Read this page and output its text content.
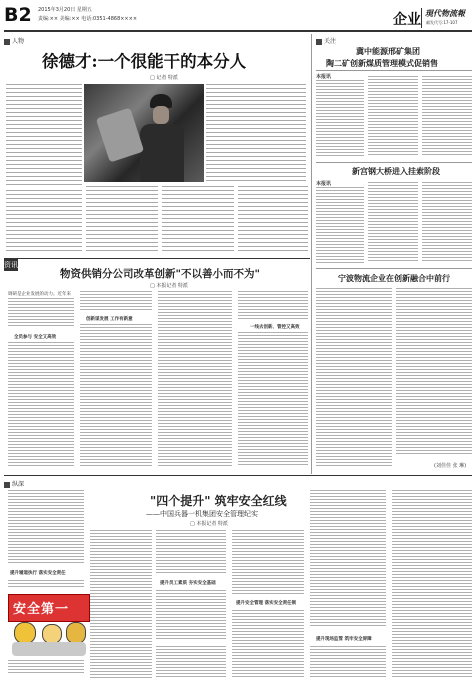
B2 2015年3月20日 星期五
责编:×× 美编:×× 电话:0351-4868××××	企业 現代物流報
邮发代号:17-107
人物
徐德才:一个很能干的本分人
□ 记者 特派
关注
冀中能源邢矿集团
陶二矿创新煤质管理模式促销售
本报讯
新宫钢大桥进入挂索阶段
本报讯
宁波物流企业在创新融合中前行
(刘佳佳 张 琳)
资讯
物资供销分公司改革创新"不以善小而不为"
□ 本报记者 特派
调研是企业发展的动力。近年来
全员参与 安全又高效
创新谋发展 工作有新意
一线去创新、管控又高效
纵深
提升辅道执行 落实安全责任
安全第一
"四个提升" 筑牢安全红线
——中国兵器一机集团安全管理纪实
□ 本报记者 特派
提升员工素质 夯实安全基础
提升安全管理 落实安全责任制
提升现场监管 筑牢安全屏障
